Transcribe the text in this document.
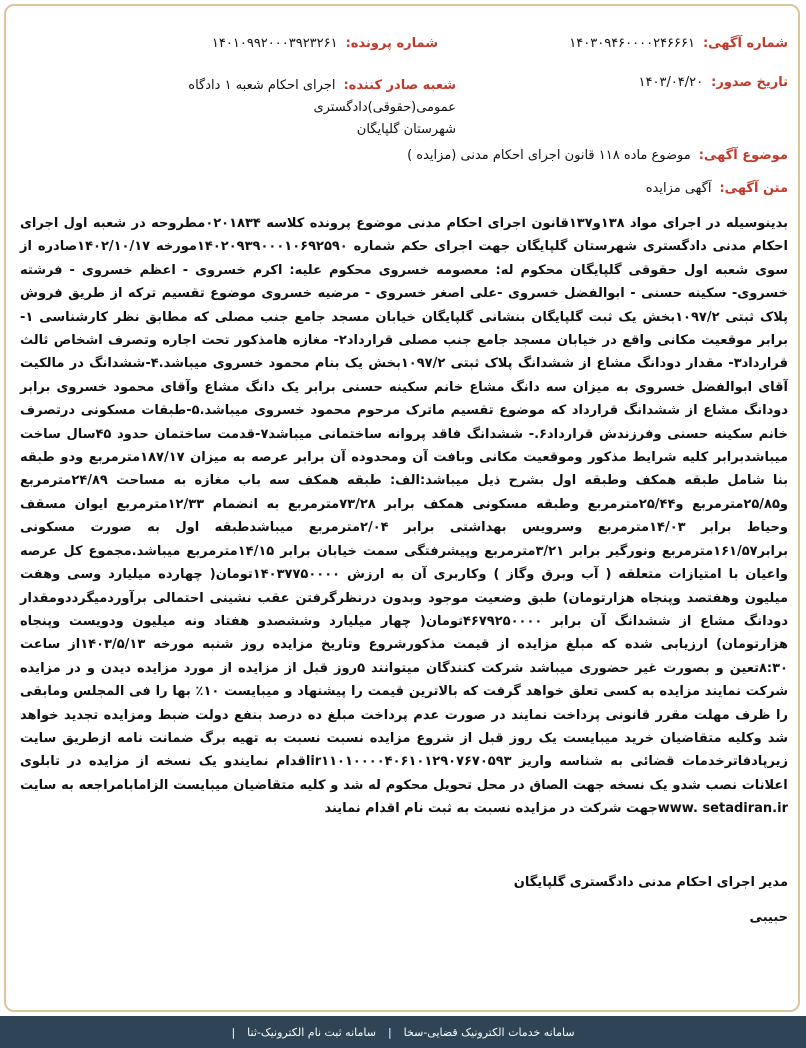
شماره آگهی:۱۴۰۳۰۹۴۶۰۰۰۰۲۴۶۶۶۱
شماره پرونده:۱۴۰۱۰۹۹۲۰۰۰۳۹۲۳۲۶۱
تاریخ صدور:۱۴۰۳/۰۴/۲۰
شعبه صادر کننده:اجرای احکام شعبه ۱ دادگاه عمومی(حقوقی)دادگستری
شهرستان گلپایگان
موضوع آگهی:موضوع ماده ۱۱۸ قانون اجرای احکام مدنی (مزایده )
متن آگهی:آگهی مزایده
بدینوسیله در اجرای مواد ۱۳۸و۱۳۷قانون اجرای احکام مدنی موضوع پرونده کلاسه ۰۲۰۱۸۳۴مطروحه در شعبه اول اجرای احکام مدنی دادگستری شهرستان گلپایگان جهت اجرای حکم شماره ۱۴۰۲۰۹۳۹۰۰۰۱۰۶۹۲۵۹۰مورخه ۱۴۰۲/۱۰/۱۷صادره از سوی شعبه اول حقوقی گلپایگان محکوم له: معصومه خسروی محکوم علیه: اکرم خسروی - اعظم خسروی - فرشته خسروی- سکینه حسنی - ابوالفضل خسروی -علی اصغر خسروی - مرضیه خسروی موضوع تقسیم ترکه از طریق فروش پلاک ثبتی ۱۰۹۷/۲بخش یک ثبت گلپایگان بنشانی گلپایگان خیابان مسجد جامع جنب مصلی که مطابق نظر کارشناسی ۱-برابر موقعیت مکانی واقع در خیابان مسجد جامع جنب مصلی قرارداد۲- مغازه هامذکور تحت اجاره وتصرف اشخاص ثالث قرارداد۳- مقدار دودانگ مشاع از ششدانگ پلاک ثبتی ۱۰۹۷/۲بخش یک بنام محمود خسروی میباشد.۴-ششدانگ در مالکیت آقای ابوالفضل خسروی به میزان سه دانگ مشاع خانم سکینه حسنی برابر یک دانگ مشاع وآقای محمود خسروی برابر دودانگ مشاع از ششدانگ قرارداد که موضوع تقسیم ماترک مرحوم محمود خسروی میباشد.۵-طبقات مسکونی درتصرف خانم سکینه حسنی وفرزندش قرارداد۶.- ششدانگ فاقد پروانه ساختمانی میباشد۷-قدمت ساختمان حدود ۴۵سال ساخت میباشدبرابر کلیه شرایط مذکور وموقعیت مکانی وبافت آن ومحدوده آن برابر عرصه به میزان ۱۸۷/۱۷مترمربع ودو طبقه بنا شامل طبقه همکف وطبقه اول بشرح ذیل میباشد:الف: طبقه همکف سه باب مغازه به مساحت ۲۴/۸۹مترمربع و۲۵/۸۵مترمربع و۲۵/۴۴مترمربع وطبقه مسکونی همکف برابر ۷۳/۲۸مترمربع به انضمام ۱۲/۳۳مترمربع ایوان مسقف وحیاط برابر ۱۴/۰۳مترمربع وسرویس بهداشتی برابر ۲/۰۴مترمربع میباشدطبقه اول به صورت مسکونی برابر۱۶۱/۵۷مترمربع ونورگیر برابر ۳/۲۱مترمربع وپیشرفتگی سمت خیابان برابر ۱۴/۱۵مترمربع میباشد.مجموع کل عرصه واعیان با امتیازات متعلقه ( آب وبرق وگاز ) وکاربری آن به ارزش ۱۴۰۳۷۷۵۰۰۰۰تومان( چهارده میلیارد وسی وهفت میلیون وهفتصد وپنجاه هزارتومان) طبق وضعیت موجود وبدون درنظرگرفتن عقب نشینی احتمالی برآوردمیگرددومقدار دودانگ مشاع از ششدانگ آن برابر ۴۶۷۹۲۵۰۰۰۰تومان( چهار میلیارد وششصدو هفتاد ونه میلیون ودویست وپنجاه هزارتومان) ارزیابی شده که مبلغ مزایده از قیمت مذکورشروع وتاریخ مزایده روز شنبه مورخه ۱۴۰۳/۵/۱۳از ساعت ۸:۳۰تعین و بصورت غیر حضوری میباشد شرکت کنندگان میتوانند ۵روز قبل از مزایده از مورد مزایده دیدن و در مزایده شرکت نمایند مزایده به کسی تعلق خواهد گرفت که بالاترین قیمت را پیشنهاد و میبایست ۱۰٪ بها را فی المجلس ومابقی را ظرف مهلت مقرر قانونی پرداخت نمایند در صورت عدم پرداخت مبلغ ده درصد بنفع دولت ضبط ومزایده تجدید خواهد شد وکلیه متقاضیان خرید میبایست یک روز قبل از شروع مزایده نسبت نسبت به تهیه برگ ضمانت نامه ازطریق سایت زیرپادفاترخدمات قضائی به شناسه واریز ir۱۱۰۱۰۰۰۰۴۰۶۱۰۱۲۹۰۷۶۷۰۵۹۳اقدام نمایندو یک نسخه از مزایده در تابلوی اعلانات نصب شدو یک نسخه جهت الصاق در محل تحویل محکوم له شد و کلیه متقاضیان میبایست الزامابامراجعه به سایت www. setadiran.irجهت شرکت در مزایده نسبت به ثبت نام اقدام نمایند
مدیر اجرای احکام مدنی دادگستری گلپایگان
حبیبی
سامانه خدمات الکترونیک قضایی-سخا
|
سامانه ثبت نام الکترونیک-ثنا
|
